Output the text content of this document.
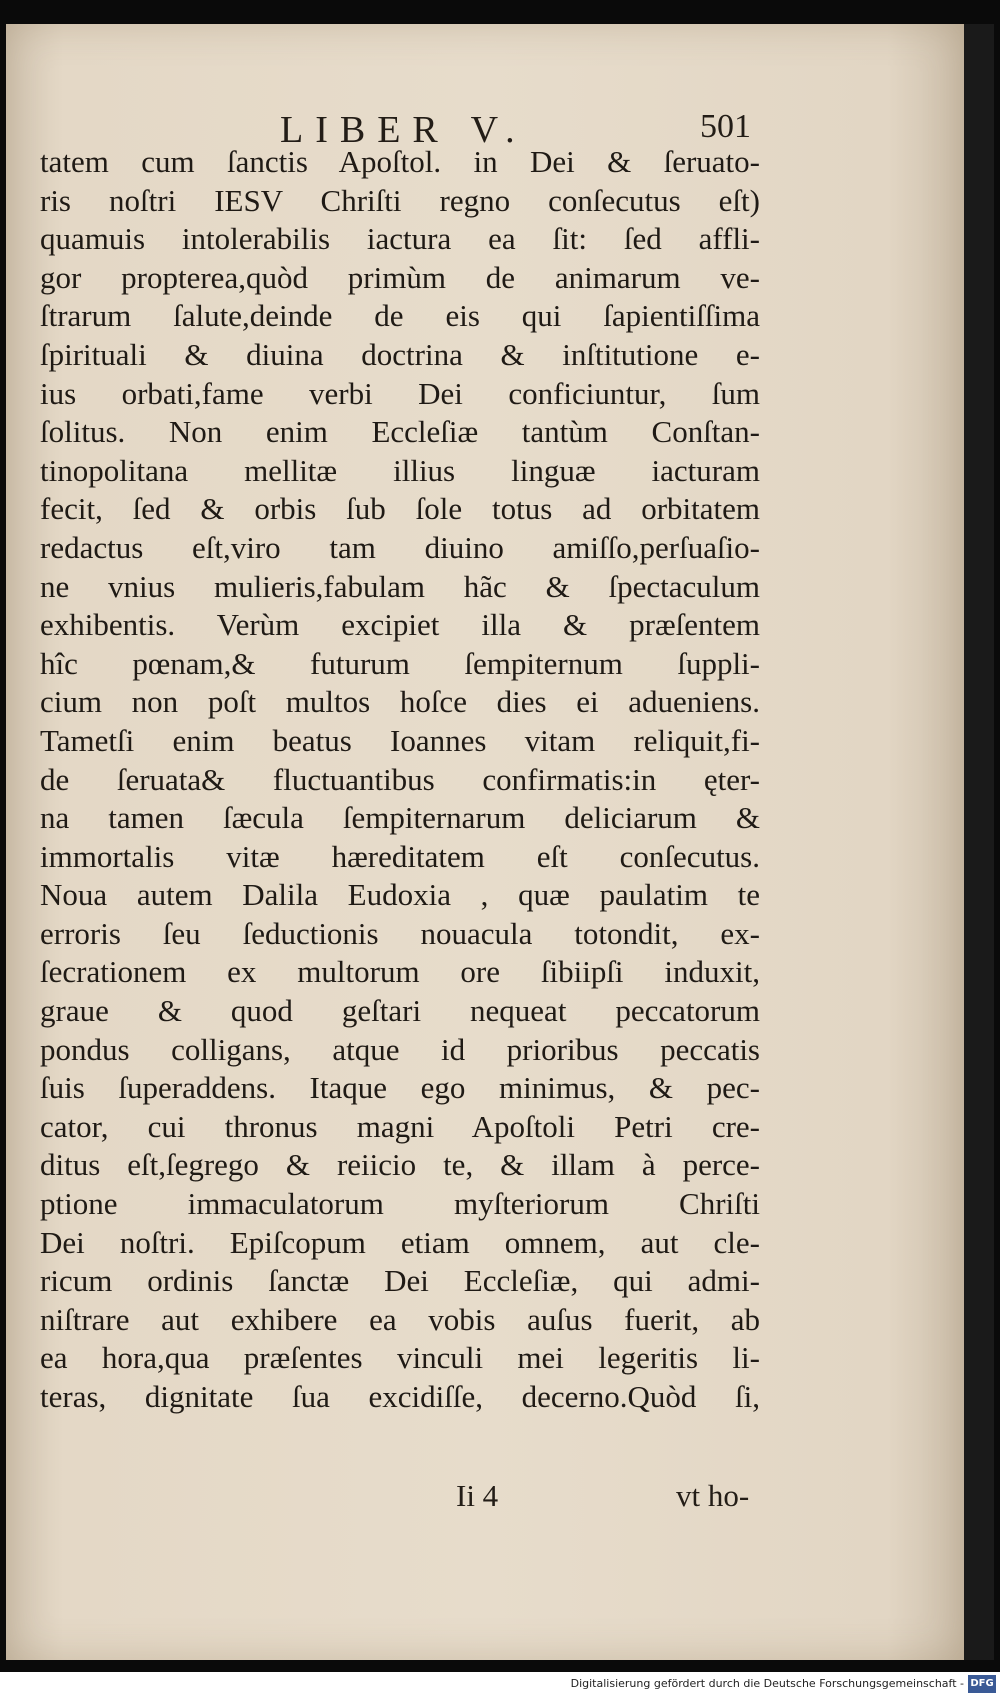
LIBER V.	501
tatem cum ſanctis Apoſtol. in Dei & ſeruato-
ris noſtri IESV Chriſti regno conſecutus eſt)
quamuis intolerabilis iactura ea ſit: ſed affli-
gor propterea,quòd primùm de animarum ve-
ſtrarum ſalute,deinde de eis qui ſapientiſſima
ſpirituali & diuina doctrina & inſtitutione e-
ius orbati,fame verbi Dei conficiuntur, ſum
ſolitus. Non enim Eccleſiæ tantùm Conſtan-
tinopolitana mellitæ illius linguæ iacturam
fecit, ſed & orbis ſub ſole totus ad orbitatem
redactus eſt,viro tam diuino amiſſo,perſuaſio-
ne vnius mulieris,fabulam hãc & ſpectaculum
exhibentis. Verùm excipiet illa & præſentem
hîc pœnam,& futurum ſempiternum ſuppli-
cium non poſt multos hoſce dies ei adueniens.
Tametſi enim beatus Ioannes vitam reliquit,fi-
de ſeruata& fluctuantibus confirmatis:in ęter-
na tamen ſæcula ſempiternarum deliciarum &
immortalis vitæ hæreditatem eſt conſecutus.
Noua autem Dalila Eudoxia , quæ paulatim te
erroris ſeu ſeductionis nouacula totondit, ex-
ſecrationem ex multorum ore ſibiipſi induxit,
graue & quod geſtari nequeat peccatorum
pondus colligans, atque id prioribus peccatis
ſuis ſuperaddens. Itaque ego minimus, & pec-
cator, cui thronus magni Apoſtoli Petri cre-
ditus eſt,ſegrego & reiicio te, & illam à perce-
ptione immaculatorum myſteriorum Chriſti
Dei noſtri. Epiſcopum etiam omnem, aut cle-
ricum ordinis ſanctæ Dei Eccleſiæ, qui admi-
niſtrare aut exhibere ea vobis auſus fuerit, ab
ea hora,qua præſentes vinculi mei legeritis li-
teras, dignitate ſua excidiſſe, decerno.Quòd ſi,
Ii 4	vt ho-
Digitalisierung gefördert durch die Deutsche Forschungsgemeinschaft - DFG
